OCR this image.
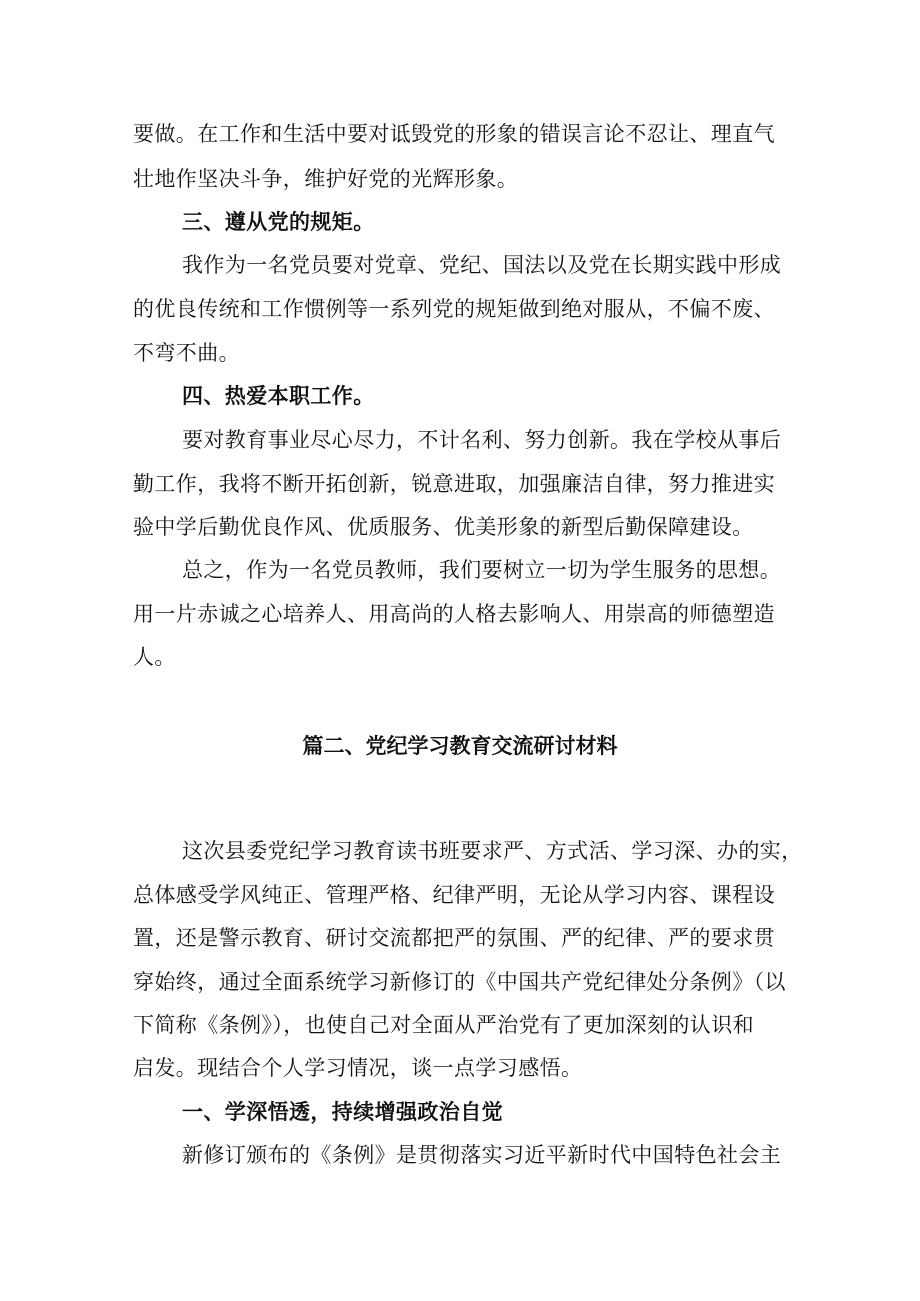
要做。在工作和生活中要对诋毁党的形象的错误言论不忍让、理直气
壮地作坚决斗争，维护好党的光辉形象。
三、遵从党的规矩。
我作为一名党员要对党章、党纪、国法以及党在长期实践中形成
的优良传统和工作惯例等一系列党的规矩做到绝对服从，不偏不废、
不弯不曲。
四、热爱本职工作。
要对教育事业尽心尽力，不计名利、努力创新。我在学校从事后
勤工作，我将不断开拓创新，锐意进取，加强廉洁自律，努力推进实
验中学后勤优良作风、优质服务、优美形象的新型后勤保障建设。
总之，作为一名党员教师，我们要树立一切为学生服务的思想。
用一片赤诚之心培养人、用高尚的人格去影响人、用崇高的师德塑造
人。
篇二、党纪学习教育交流研讨材料
这次县委党纪学习教育读书班要求严、方式活、学习深、办的实，
总体感受学风纯正、管理严格、纪律严明，无论从学习内容、课程设
置，还是警示教育、研讨交流都把严的氛围、严的纪律、严的要求贯
穿始终，通过全面系统学习新修订的《中国共产党纪律处分条例》（以
下简称《条例》），也使自己对全面从严治党有了更加深刻的认识和
启发。现结合个人学习情况，谈一点学习感悟。
一、学深悟透，持续增强政治自觉
新修订颁布的《条例》是贯彻落实习近平新时代中国特色社会主
